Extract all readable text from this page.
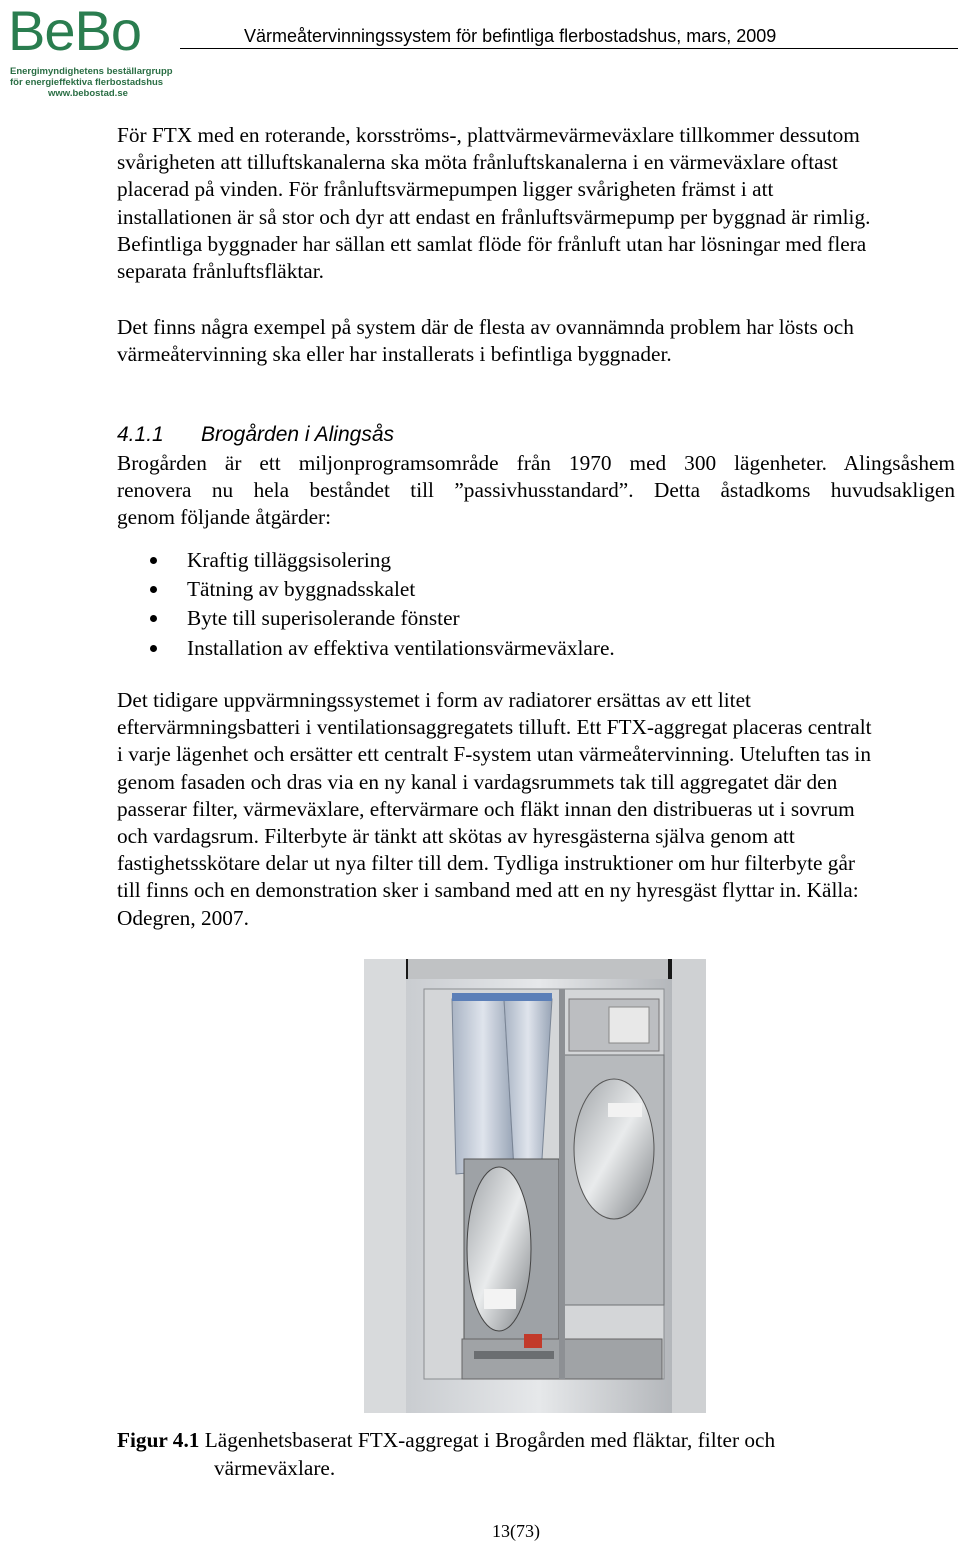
BeBo
Energimyndighetens beställargrupp
för energieffektiva flerbostadshus
www.bebostad.se
Värmeåtervinningssystem för befintliga flerbostadshus, mars, 2009
För FTX med en roterande, korsströms-, plattvärmevärmeväxlare tillkommer dessutom
svårigheten att tilluftskanalerna ska möta frånluftskanalerna i en värmeväxlare oftast
placerad på vinden. För frånluftsvärmepumpen ligger svårigheten främst i att
installationen är så stor och dyr att endast en frånluftsvärmepump per byggnad är rimlig.
Befintliga byggnader har sällan ett samlat flöde för frånluft utan har lösningar med flera
separata frånluftsfläktar.
Det finns några exempel på system där de flesta av ovannämnda problem har lösts och
värmeåtervinning ska eller har installerats i befintliga byggnader.
4.1.1 Brogården i Alingsås
Brogården är ett miljonprogramsområde från 1970 med 300 lägenheter. Alingsåshem
renovera nu hela beståndet till ”passivhusstandard”. Detta åstadkoms huvudsakligen
genom följande åtgärder:
Kraftig tilläggsisolering
Tätning av byggnadsskalet
Byte till superisolerande fönster
Installation av effektiva ventilationsvärmeväxlare.
Det tidigare uppvärmningssystemet i form av radiatorer ersättas av ett litet
eftervärmningsbatteri i ventilationsaggregatets tilluft. Ett FTX-aggregat placeras centralt
i varje lägenhet och ersätter ett centralt F-system utan värmeåtervinning. Uteluften tas in
genom fasaden och dras via en ny kanal i vardagsrummets tak till aggregatet där den
passerar filter, värmeväxlare, eftervärmare och fläkt innan den distribueras ut i sovrum
och vardagsrum. Filterbyte är tänkt att skötas av hyresgästerna själva genom att
fastighetsskötare delar ut nya filter till dem. Tydliga instruktioner om hur filterbyte går
till finns och en demonstration sker i samband med att en ny hyresgäst flyttar in. Källa:
Odegren, 2007.
Figur 4.1 Lägenhetsbaserat FTX-aggregat i Brogården med fläktar, filter och
värmeväxlare.
13(73)
